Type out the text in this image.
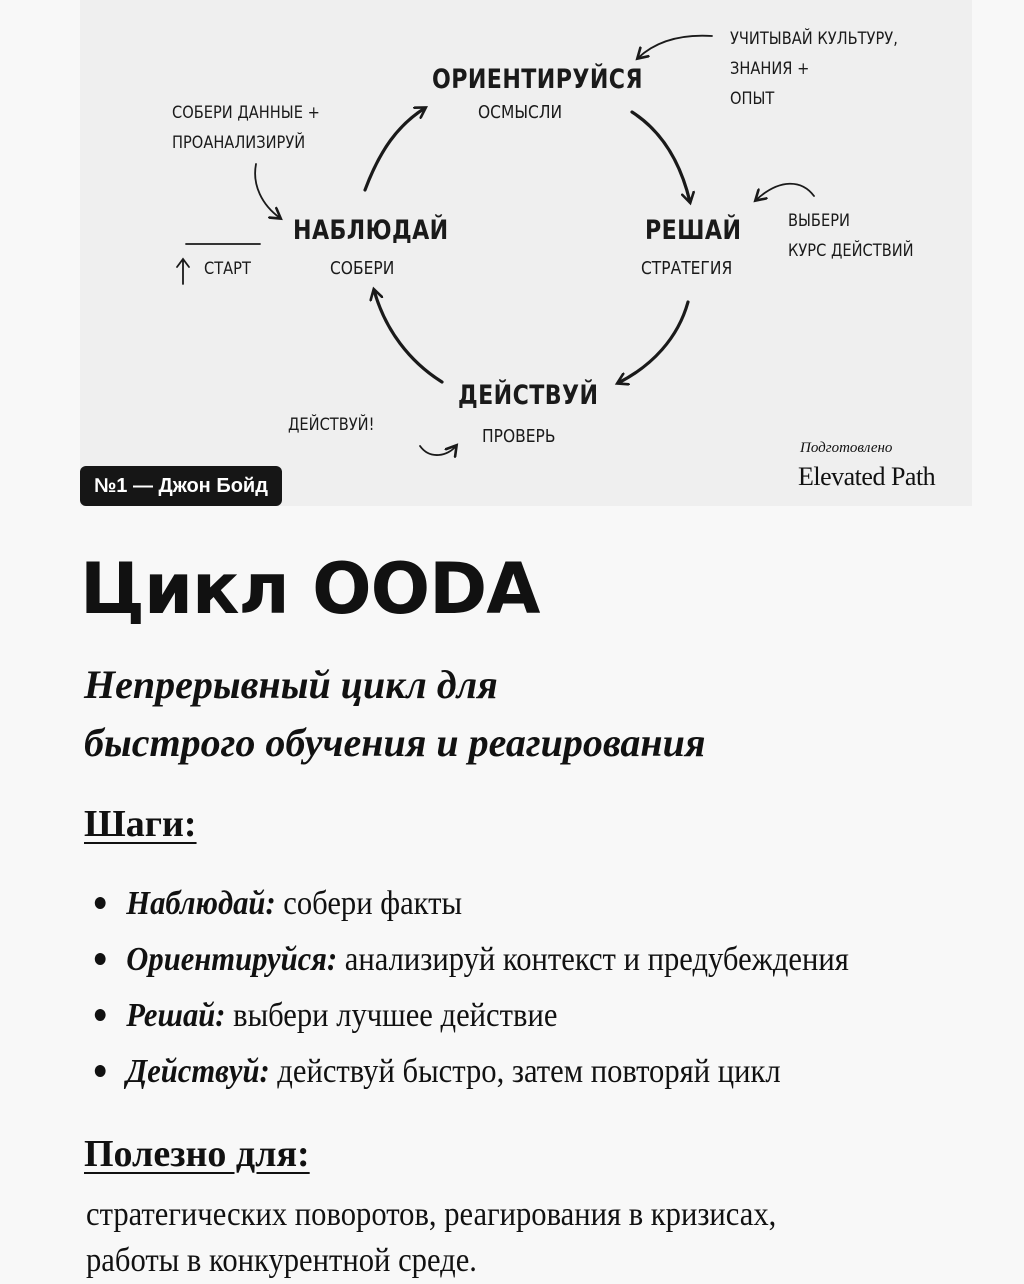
ОРИЕНТИРУЙСЯ
ОСМЫСЛИ
РЕШАЙ
СТРАТЕГИЯ
ДЕЙСТВУЙ
ПРОВЕРЬ
НАБЛЮДАЙ
СОБЕРИ
СОБЕРИ ДАННЫЕ +
ПРОАНАЛИЗИРУЙ
УЧИТЫВАЙ КУЛЬТУРУ,
ЗНАНИЯ +
ОПЫТ
ВЫБЕРИ
КУРС ДЕЙСТВИЙ
ДЕЙСТВУЙ!
СТАРТ
Подготовлено
Elevated Path
№1 — Джон Бойд
Цикл OODA
Непрерывный цикл для
быстрого обучения и реагирования
Шаги:
Наблюдай: собери факты
Ориентируйся: анализируй контекст и предубеждения
Решай: выбери лучшее действие
Действуй: действуй быстро, затем повторяй цикл
Полезно для:
стратегических поворотов, реагирования в кризисах,
работы в конкурентной среде.
